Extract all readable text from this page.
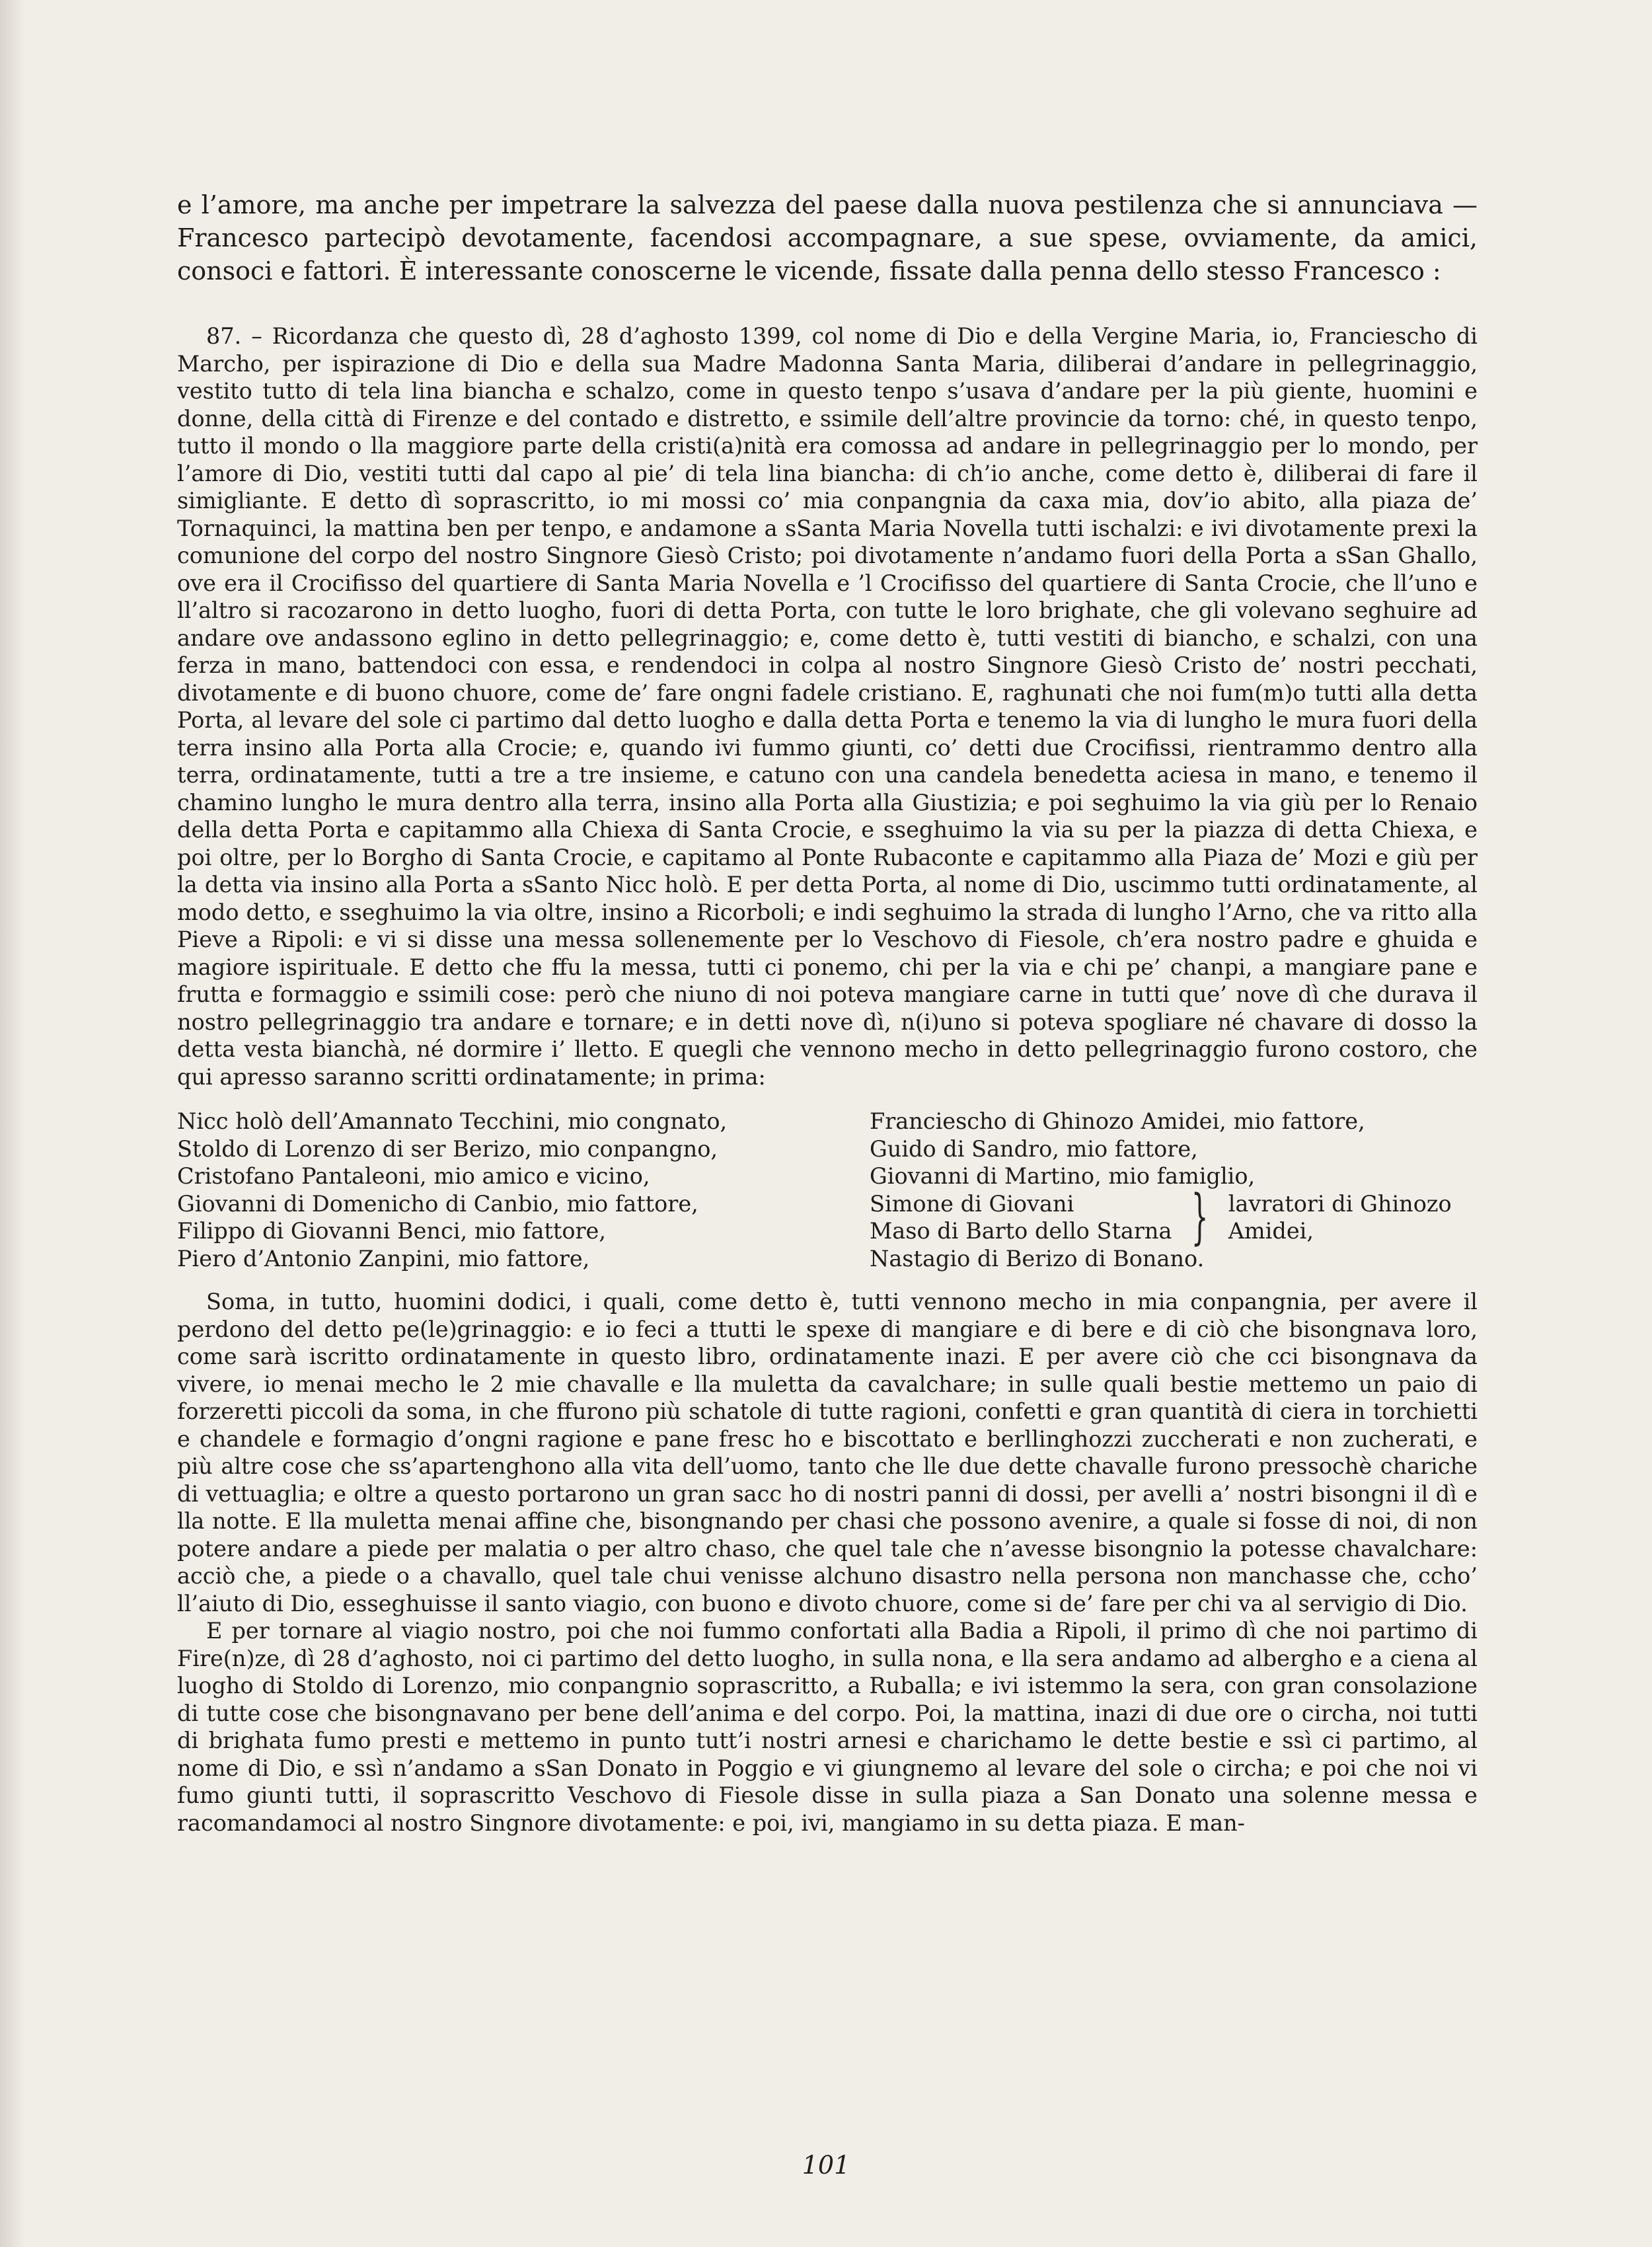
e l’amore, ma anche per impetrare la salvezza del paese dalla nuova pestilenza che si annunciava — Francesco partecipò devotamente, facendosi accompagnare, a sue spese, ovviamente, da amici, consoci e fattori. È interessante conoscerne le vicende, fissate dalla penna dello stesso Francesco :

87. – Ricordanza che questo dì, 28 d’aghosto 1399, col nome di Dio e della Vergine Maria, io, Franciescho di Marcho, per ispirazione di Dio e della sua Madre Madonna Santa Maria, diliberai d’andare in pellegrinaggio, vestito tutto di tela lina biancha e schalzo, come in questo tenpo s’usava d’andare per la più giente, huomini e donne, della città di Firenze e del contado e distretto, e ssimile dell’altre provincie da torno: ché, in questo tenpo, tutto il mondo o lla maggiore parte della cristi(a)nità era comossa ad andare in pellegrinaggio per lo mondo, per l’amore di Dio, vestiti tutti dal capo al pie’ di tela lina biancha: di ch’io anche, come detto è, diliberai di fare il simigliante. E detto dì soprascritto, io mi mossi co’ mia conpangnia da caxa mia, dov’io abito, alla piaza de’ Tornaquinci, la mattina ben per tenpo, e andamone a sSanta Maria Novella tutti ischalzi: e ivi divotamente prexi la comunione del corpo del nostro Singnore Giesò Cristo; poi divotamente n’andamo fuori della Porta a sSan Ghallo, ove era il Crocifisso del quartiere di Santa Maria Novella e ’l Crocifisso del quartiere di Santa Crocie, che ll’uno e ll’altro si racozarono in detto luogho, fuori di detta Porta, con tutte le loro brighate, che gli volevano seghuire ad andare ove andassono eglino in detto pellegrinaggio; e, come detto è, tutti vestiti di biancho, e schalzi, con una ferza in mano, battendoci con essa, e rendendoci in colpa al nostro Singnore Giesò Cristo de’ nostri pecchati, divotamente e di buono chuore, come de’ fare ongni fadele cristiano. E, raghunati che noi fum(m)o tutti alla detta Porta, al levare del sole ci partimo dal detto luogho e dalla detta Porta e tenemo la via di lungho le mura fuori della terra insino alla Porta alla Crocie; e, quando ivi fummo giunti, co’ detti due Crocifissi, rientrammo dentro alla terra, ordinatamente, tutti a tre a tre insieme, e catuno con una candela benedetta aciesa in mano, e tenemo il chamino lungho le mura dentro alla terra, insino alla Porta alla Giustizia; e poi seghuimo la via giù per lo Renaio della detta Porta e capitammo alla Chiexa di Santa Crocie, e sseghuimo la via su per la piazza di detta Chiexa, e poi oltre, per lo Borgho di Santa Crocie, e capitamo al Ponte Rubaconte e capitammo alla Piaza de’ Mozi e giù per la detta via insino alla Porta a sSanto Nicc holò. E per detta Porta, al nome di Dio, uscimmo tutti ordinatamente, al modo detto, e sseghuimo la via oltre, insino a Ricorboli; e indi seghuimo la strada di lungho l’Arno, che va ritto alla Pieve a Ripoli: e vi si disse una messa sollenemente per lo Veschovo di Fiesole, ch’era nostro padre e ghuida e magiore ispirituale. E detto che ffu la messa, tutti ci ponemo, chi per la via e chi pe’ chanpi, a mangiare pane e frutta e formaggio e ssimili cose: però che niuno di noi poteva mangiare carne in tutti que’ nove dì che durava il nostro pellegrinaggio tra andare e tornare; e in detti nove dì, n(i)uno si poteva spogliare né chavare di dosso la detta vesta bianchà, né dormire i’ lletto. E quegli che vennono mecho in detto pellegrinaggio furono costoro, che qui apresso saranno scritti ordinatamente; in prima:

Nicc holò dell’Amannato Tecchini, mio congnato,
Stoldo di Lorenzo di ser Berizo, mio conpangno,
Cristofano Pantaleoni, mio amico e vicino,
Giovanni di Domenicho di Canbio, mio fattore,
Filippo di Giovanni Benci, mio fattore,
Piero d’Antonio Zanpini, mio fattore,
Franciescho di Ghinozo Amidei, mio fattore,
Guido di Sandro, mio fattore,
Giovanni di Martino, mio famiglio,
Simone di Giovani
Maso di Barto dello Starna } lavratori di Ghinozo
Amidei,
Nastagio di Berizo di Bonano.

Soma, in tutto, huomini dodici, i quali, come detto è, tutti vennono mecho in mia conpangnia, per avere il perdono del detto pe(le)grinaggio: e io feci a ttutti le spexe di mangiare e di bere e di ciò che bisongnava loro, come sarà iscritto ordinatamente in questo libro, ordinatamente inazi. E per avere ciò che cci bisongnava da vivere, io menai mecho le 2 mie chavalle e lla muletta da cavalchare; in sulle quali bestie mettemo un paio di forzeretti piccoli da soma, in che ffurono più schatole di tutte ragioni, confetti e gran quantità di ciera in torchietti e chandele e formagio d’ongni ragione e pane fresc ho e biscottato e berllinghozzi zuccherati e non zucherati, e più altre cose che ss’apartenghono alla vita dell’uomo, tanto che lle due dette chavalle furono pressochè chariche di vettuaglia; e oltre a questo portarono un gran sacc ho di nostri panni di dossi, per avelli a’ nostri bisongni il dì e lla notte. E lla muletta menai affine che, bisongnando per chasi che possono avenire, a quale si fosse di noi, di non potere andare a piede per malatia o per altro chaso, che quel tale che n’avesse bisongnio la potesse chavalchare: acciò che, a piede o a chavallo, quel tale chui venisse alchuno disastro nella persona non manchasse che, ccho’ ll’aiuto di Dio, esseghuisse il santo viagio, con buono e divoto chuore, come si de’ fare per chi va al servigio di Dio.

E per tornare al viagio nostro, poi che noi fummo confortati alla Badia a Ripoli, il primo dì che noi partimo di Fire(n)ze, dì 28 d’aghosto, noi ci partimo del detto luogho, in sulla nona, e lla sera andamo ad albergho e a ciena al luogho di Stoldo di Lorenzo, mio conpangnio soprascritto, a Ruballa; e ivi istemmo la sera, con gran consolazione di tutte cose che bisongnavano per bene dell’anima e del corpo. Poi, la mattina, inazi di due ore o circha, noi tutti di brighata fumo presti e mettemo in punto tutt’i nostri arnesi e charichamo le dette bestie e ssì ci partimo, al nome di Dio, e ssì n’andamo a sSan Donato in Poggio e vi giungnemo al levare del sole o circha; e poi che noi vi fumo giunti tutti, il soprascritto Veschovo di Fiesole disse in sulla piaza a San Donato una solenne messa e racomandamoci al nostro Singnore divotamente: e poi, ivi, mangiamo in su detta piaza. E man-

101
